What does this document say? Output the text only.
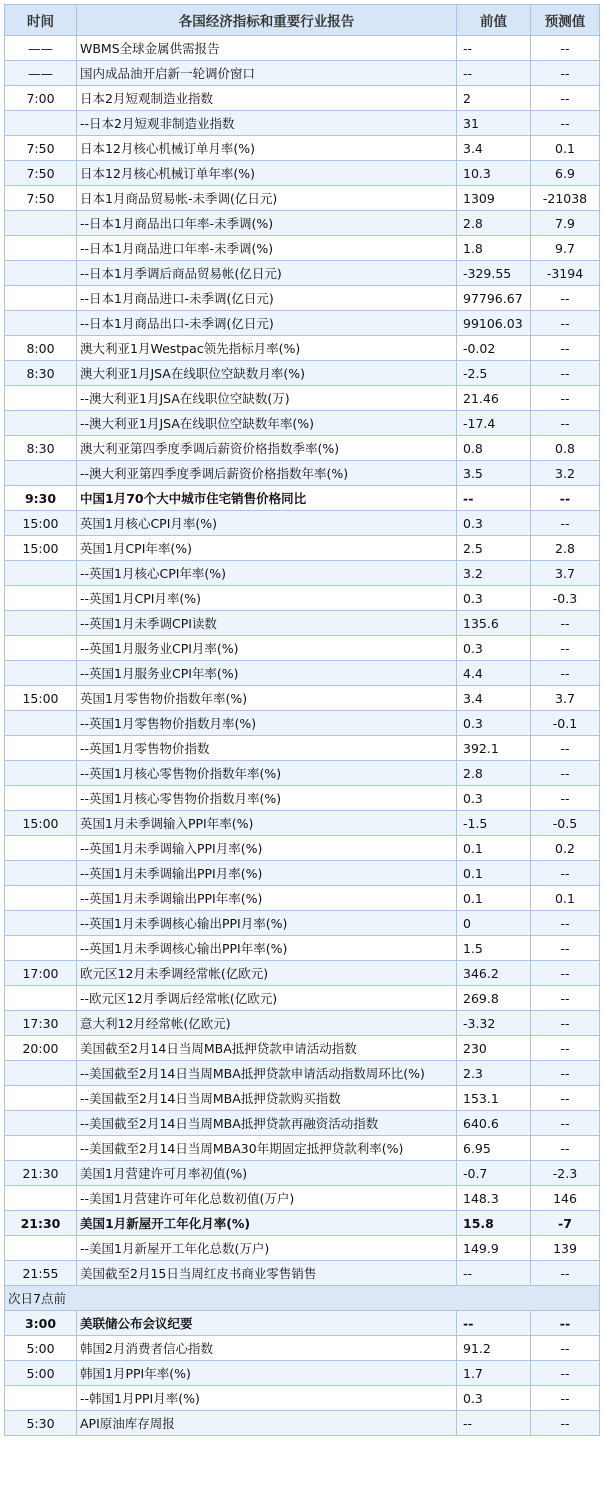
时间	各国经济指标和重要行业报告	前值	预测值
——	WBMS全球金属供需报告	--	--
——	国内成品油开启新一轮调价窗口	--	--
7:00	日本2月短观制造业指数	2	--
	--日本2月短观非制造业指数	31	--
7:50	日本12月核心机械订单月率(%)	3.4	0.1
7:50	日本12月核心机械订单年率(%)	10.3	6.9
7:50	日本1月商品贸易帐-未季调(亿日元)	1309	-21038
	--日本1月商品出口年率-未季调(%)	2.8	7.9
	--日本1月商品进口年率-未季调(%)	1.8	9.7
	--日本1月季调后商品贸易帐(亿日元)	-329.55	-3194
	--日本1月商品进口-未季调(亿日元)	97796.67	--
	--日本1月商品出口-未季调(亿日元)	99106.03	--
8:00	澳大利亚1月Westpac领先指标月率(%)	-0.02	--
8:30	澳大利亚1月JSA在线职位空缺数月率(%)	-2.5	--
	--澳大利亚1月JSA在线职位空缺数(万)	21.46	--
	--澳大利亚1月JSA在线职位空缺数年率(%)	-17.4	--
8:30	澳大利亚第四季度季调后薪资价格指数季率(%)	0.8	0.8
	--澳大利亚第四季度季调后薪资价格指数年率(%)	3.5	3.2
9:30	中国1月70个大中城市住宅销售价格同比	--	--
15:00	英国1月核心CPI月率(%)	0.3	--
15:00	英国1月CPI年率(%)	2.5	2.8
	--英国1月核心CPI年率(%)	3.2	3.7
	--英国1月CPI月率(%)	0.3	-0.3
	--英国1月未季调CPI读数	135.6	--
	--英国1月服务业CPI月率(%)	0.3	--
	--英国1月服务业CPI年率(%)	4.4	--
15:00	英国1月零售物价指数年率(%)	3.4	3.7
	--英国1月零售物价指数月率(%)	0.3	-0.1
	--英国1月零售物价指数	392.1	--
	--英国1月核心零售物价指数年率(%)	2.8	--
	--英国1月核心零售物价指数月率(%)	0.3	--
15:00	英国1月未季调输入PPI年率(%)	-1.5	-0.5
	--英国1月未季调输入PPI月率(%)	0.1	0.2
	--英国1月未季调输出PPI月率(%)	0.1	--
	--英国1月未季调输出PPI年率(%)	0.1	0.1
	--英国1月未季调核心输出PPI月率(%)	0	--
	--英国1月未季调核心输出PPI年率(%)	1.5	--
17:00	欧元区12月未季调经常帐(亿欧元)	346.2	--
	--欧元区12月季调后经常帐(亿欧元)	269.8	--
17:30	意大利12月经常帐(亿欧元)	-3.32	--
20:00	美国截至2月14日当周MBA抵押贷款申请活动指数	230	--
	--美国截至2月14日当周MBA抵押贷款申请活动指数周环比(%)	2.3	--
	--美国截至2月14日当周MBA抵押贷款购买指数	153.1	--
	--美国截至2月14日当周MBA抵押贷款再融资活动指数	640.6	--
	--美国截至2月14日当周MBA30年期固定抵押贷款利率(%)	6.95	--
21:30	美国1月营建许可月率初值(%)	-0.7	-2.3
	--美国1月营建许可年化总数初值(万户)	148.3	146
21:30	美国1月新屋开工年化月率(%)	15.8	-7
	--美国1月新屋开工年化总数(万户)	149.9	139
21:55	美国截至2月15日当周红皮书商业零售销售	--	--
次日7点前			
3:00	美联储公布会议纪要	--	--
5:00	韩国2月消费者信心指数	91.2	--
5:00	韩国1月PPI年率(%)	1.7	--
	--韩国1月PPI月率(%)	0.3	--
5:30	API原油库存周报	--	--
